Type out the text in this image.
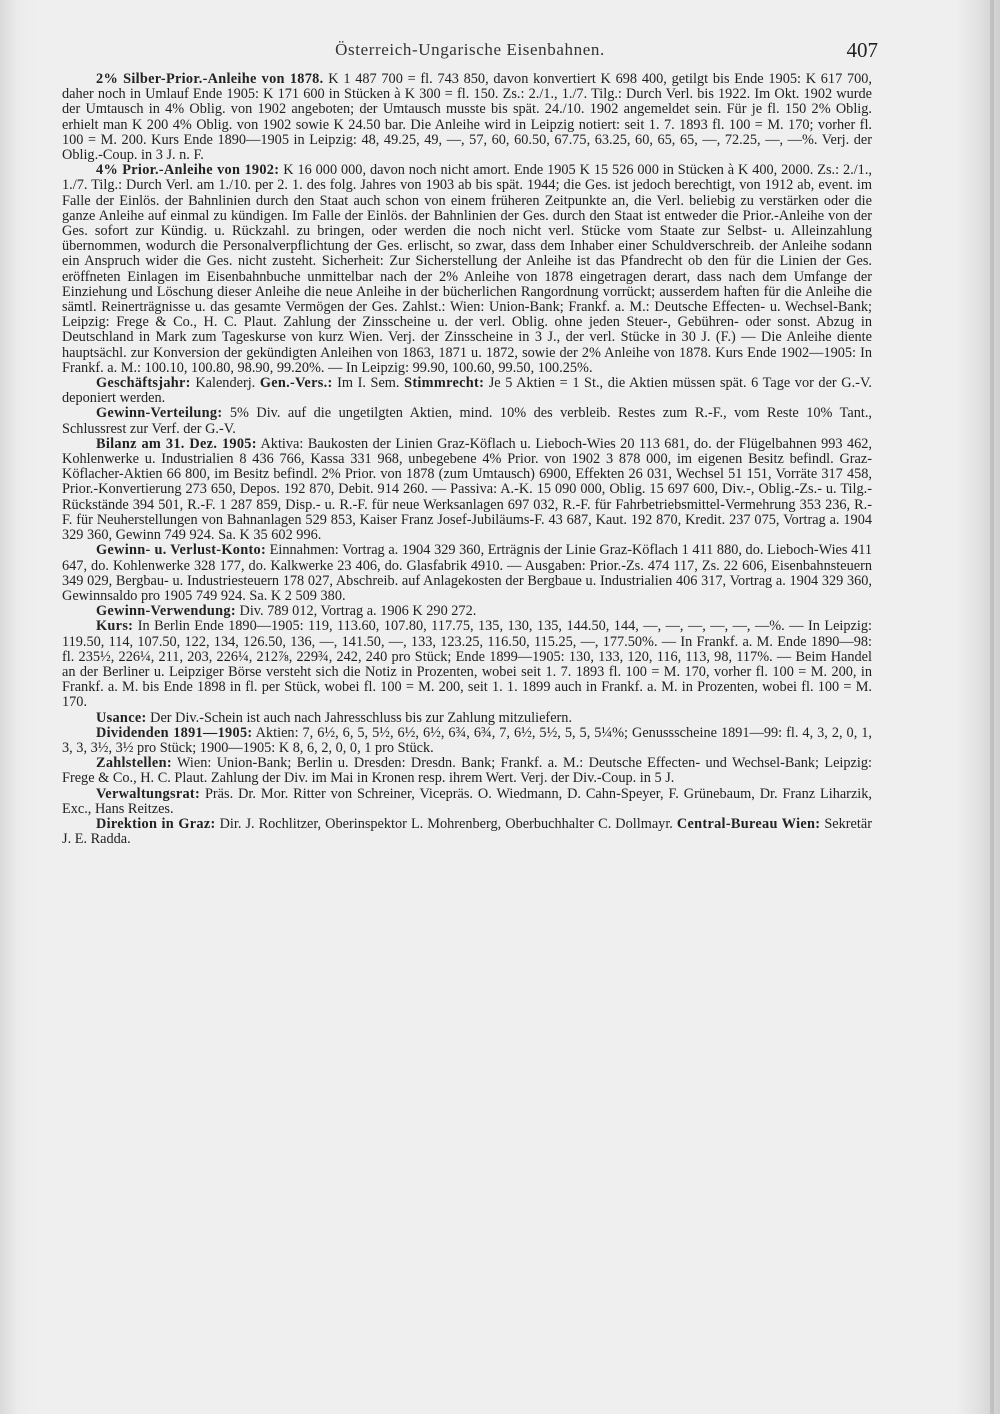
Österreich-Ungarische Eisenbahnen.	407

2% Silber-Prior.-Anleihe von 1878. K 1 487 700 = fl. 743 850, davon konvertiert K 698 400, getilgt bis Ende 1905: K 617 700, daher noch in Umlauf Ende 1905: K 171 600 in Stücken à K 300 = fl. 150. Zs.: 2./1., 1./7. Tilg.: Durch Verl. bis 1922. Im Okt. 1902 wurde der Umtausch in 4% Oblig. von 1902 angeboten; der Umtausch musste bis spät. 24./10. 1902 angemeldet sein. Für je fl. 150 2% Oblig. erhielt man K 200 4% Oblig. von 1902 sowie K 24.50 bar. Die Anleihe wird in Leipzig notiert: seit 1. 7. 1893 fl. 100 = M. 170; vorher fl. 100 = M. 200. Kurs Ende 1890—1905 in Leipzig: 48, 49.25, 49, —, 57, 60, 60.50, 67.75, 63.25, 60, 65, 65, —, 72.25, —, —%. Verj. der Oblig.-Coup. in 3 J. n. F.

4% Prior.-Anleihe von 1902: K 16 000 000, davon noch nicht amort. Ende 1905 K 15 526 000 in Stücken à K 400, 2000. Zs.: 2./1., 1./7. Tilg.: Durch Verl. am 1./10. per 2. 1. des folg. Jahres von 1903 ab bis spät. 1944; die Ges. ist jedoch berechtigt, von 1912 ab, event. im Falle der Einlös. der Bahnlinien durch den Staat auch schon von einem früheren Zeitpunkte an, die Verl. beliebig zu verstärken oder die ganze Anleihe auf einmal zu kündigen. Im Falle der Einlös. der Bahnlinien der Ges. durch den Staat ist entweder die Prior.-Anleihe von der Ges. sofort zur Kündig. u. Rückzahl. zu bringen, oder werden die noch nicht verl. Stücke vom Staate zur Selbst- u. Alleinzahlung übernommen, wodurch die Personalverpflichtung der Ges. erlischt, so zwar, dass dem Inhaber einer Schuldverschreib. der Anleihe sodann ein Anspruch wider die Ges. nicht zusteht. Sicherheit: Zur Sicherstellung der Anleihe ist das Pfandrecht ob den für die Linien der Ges. eröffneten Einlagen im Eisenbahnbuche unmittelbar nach der 2% Anleihe von 1878 eingetragen derart, dass nach dem Umfange der Einziehung und Löschung dieser Anleihe die neue Anleihe in der bücherlichen Rangordnung vorrückt; ausserdem haften für die Anleihe die sämtl. Reinerträgnisse u. das gesamte Vermögen der Ges. Zahlst.: Wien: Union-Bank; Frankf. a. M.: Deutsche Effecten- u. Wechsel-Bank; Leipzig: Frege & Co., H. C. Plaut. Zahlung der Zinsscheine u. der verl. Oblig. ohne jeden Steuer-, Gebühren- oder sonst. Abzug in Deutschland in Mark zum Tageskurse von kurz Wien. Verj. der Zinsscheine in 3 J., der verl. Stücke in 30 J. (F.) — Die Anleihe diente hauptsächl. zur Konversion der gekündigten Anleihen von 1863, 1871 u. 1872, sowie der 2% Anleihe von 1878. Kurs Ende 1902—1905: In Frankf. a. M.: 100.10, 100.80, 98.90, 99.20%. — In Leipzig: 99.90, 100.60, 99.50, 100.25%.

Geschäftsjahr: Kalenderj. Gen.-Vers.: Im I. Sem. Stimmrecht: Je 5 Aktien = 1 St., die Aktien müssen spät. 6 Tage vor der G.-V. deponiert werden.

Gewinn-Verteilung: 5% Div. auf die ungetilgten Aktien, mind. 10% des verbleib. Restes zum R.-F., vom Reste 10% Tant., Schlussrest zur Verf. der G.-V.

Bilanz am 31. Dez. 1905: Aktiva: Baukosten der Linien Graz-Köflach u. Lieboch-Wies 20 113 681, do. der Flügelbahnen 993 462, Kohlenwerke u. Industrialien 8 436 766, Kassa 331 968, unbegebene 4% Prior. von 1902 3 878 000, im eigenen Besitz befindl. Graz-Köflacher-Aktien 66 800, im Besitz befindl. 2% Prior. von 1878 (zum Umtausch) 6900, Effekten 26 031, Wechsel 51 151, Vorräte 317 458, Prior.-Konvertierung 273 650, Depos. 192 870, Debit. 914 260. — Passiva: A.-K. 15 090 000, Oblig. 15 697 600, Div.-, Oblig.-Zs.- u. Tilg.-Rückstände 394 501, R.-F. 1 287 859, Disp.- u. R.-F. für neue Werksanlagen 697 032, R.-F. für Fahrbetriebsmittel-Vermehrung 353 236, R.-F. für Neuherstellungen von Bahnanlagen 529 853, Kaiser Franz Josef-Jubiläums-F. 43 687, Kaut. 192 870, Kredit. 237 075, Vortrag a. 1904 329 360, Gewinn 749 924. Sa. K 35 602 996.

Gewinn- u. Verlust-Konto: Einnahmen: Vortrag a. 1904 329 360, Erträgnis der Linie Graz-Köflach 1 411 880, do. Lieboch-Wies 411 647, do. Kohlenwerke 328 177, do. Kalkwerke 23 406, do. Glasfabrik 4910. — Ausgaben: Prior.-Zs. 474 117, Zs. 22 606, Eisenbahnsteuern 349 029, Bergbau- u. Industriesteuern 178 027, Abschreib. auf Anlagekosten der Bergbaue u. Industrialien 406 317, Vortrag a. 1904 329 360, Gewinnsaldo pro 1905 749 924. Sa. K 2 509 380.

Gewinn-Verwendung: Div. 789 012, Vortrag a. 1906 K 290 272.

Kurs: In Berlin Ende 1890—1905: 119, 113.60, 107.80, 117.75, 135, 130, 135, 144.50, 144, —, —, —, —, —, —%. — In Leipzig: 119.50, 114, 107.50, 122, 134, 126.50, 136, —, 141.50, —, 133, 123.25, 116.50, 115.25, —, 177.50%. — In Frankf. a. M. Ende 1890—98: fl. 235½, 226¼, 211, 203, 226¼, 212⅞, 229¾, 242, 240 pro Stück; Ende 1899—1905: 130, 133, 120, 116, 113, 98, 117%. — Beim Handel an der Berliner u. Leipziger Börse versteht sich die Notiz in Prozenten, wobei seit 1. 7. 1893 fl. 100 = M. 170, vorher fl. 100 = M. 200, in Frankf. a. M. bis Ende 1898 in fl. per Stück, wobei fl. 100 = M. 200, seit 1. 1. 1899 auch in Frankf. a. M. in Prozenten, wobei fl. 100 = M. 170.

Usance: Der Div.-Schein ist auch nach Jahresschluss bis zur Zahlung mitzuliefern.

Dividenden 1891—1905: Aktien: 7, 6½, 6, 5, 5½, 6½, 6½, 6¾, 6¾, 7, 6½, 5½, 5, 5, 5¼%; Genussscheine 1891—99: fl. 4, 3, 2, 0, 1, 3, 3, 3½, 3½ pro Stück; 1900—1905: K 8, 6, 2, 0, 0, 1 pro Stück.

Zahlstellen: Wien: Union-Bank; Berlin u. Dresden: Dresdn. Bank; Frankf. a. M.: Deutsche Effecten- und Wechsel-Bank; Leipzig: Frege & Co., H. C. Plaut. Zahlung der Div. im Mai in Kronen resp. ihrem Wert. Verj. der Div.-Coup. in 5 J.

Verwaltungsrat: Präs. Dr. Mor. Ritter von Schreiner, Vicepräs. O. Wiedmann, D. Cahn-Speyer, F. Grünebaum, Dr. Franz Liharzik, Exc., Hans Reitzes.

Direktion in Graz: Dir. J. Rochlitzer, Oberinspektor L. Mohrenberg, Oberbuchhalter C. Dollmayr. Central-Bureau Wien: Sekretär J. E. Radda.
